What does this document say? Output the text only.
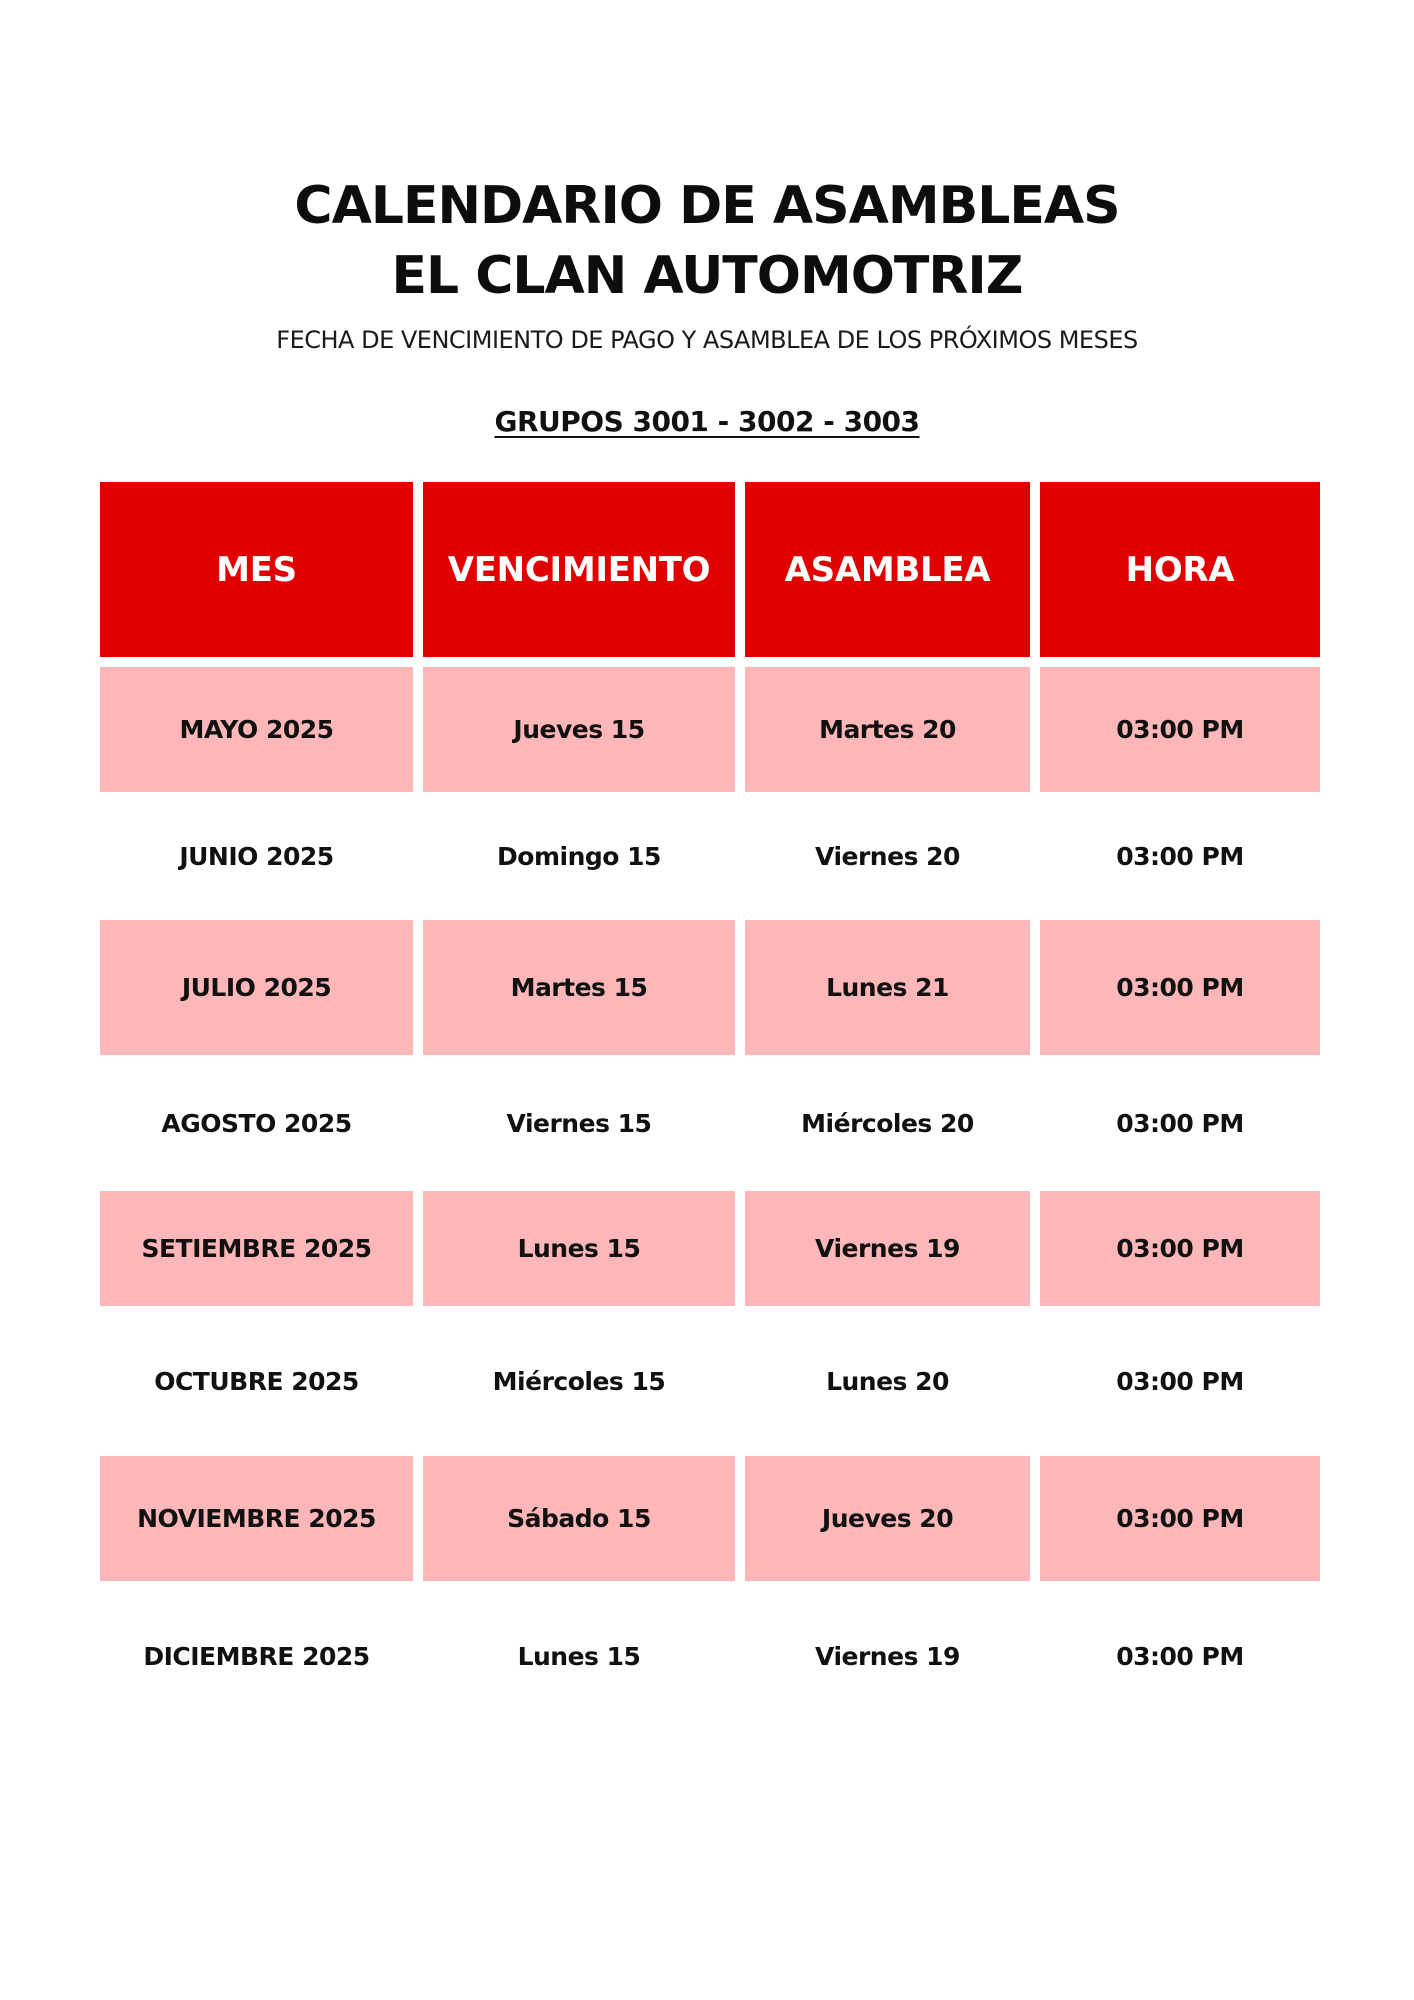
CALENDARIO DE ASAMBLEAS
EL CLAN AUTOMOTRIZ
FECHA DE VENCIMIENTO DE PAGO Y ASAMBLEA DE LOS PRÓXIMOS MESES
GRUPOS 3001 - 3002 - 3003
MES	VENCIMIENTO	ASAMBLEA	HORA
MAYO 2025	Jueves 15	Martes 20	03:00 PM
JUNIO 2025	Domingo 15	Viernes 20	03:00 PM
JULIO 2025	Martes 15	Lunes 21	03:00 PM
AGOSTO 2025	Viernes 15	Miércoles 20	03:00 PM
SETIEMBRE 2025	Lunes 15	Viernes 19	03:00 PM
OCTUBRE 2025	Miércoles 15	Lunes 20	03:00 PM
NOVIEMBRE 2025	Sábado 15	Jueves 20	03:00 PM
DICIEMBRE 2025	Lunes 15	Viernes 19	03:00 PM
